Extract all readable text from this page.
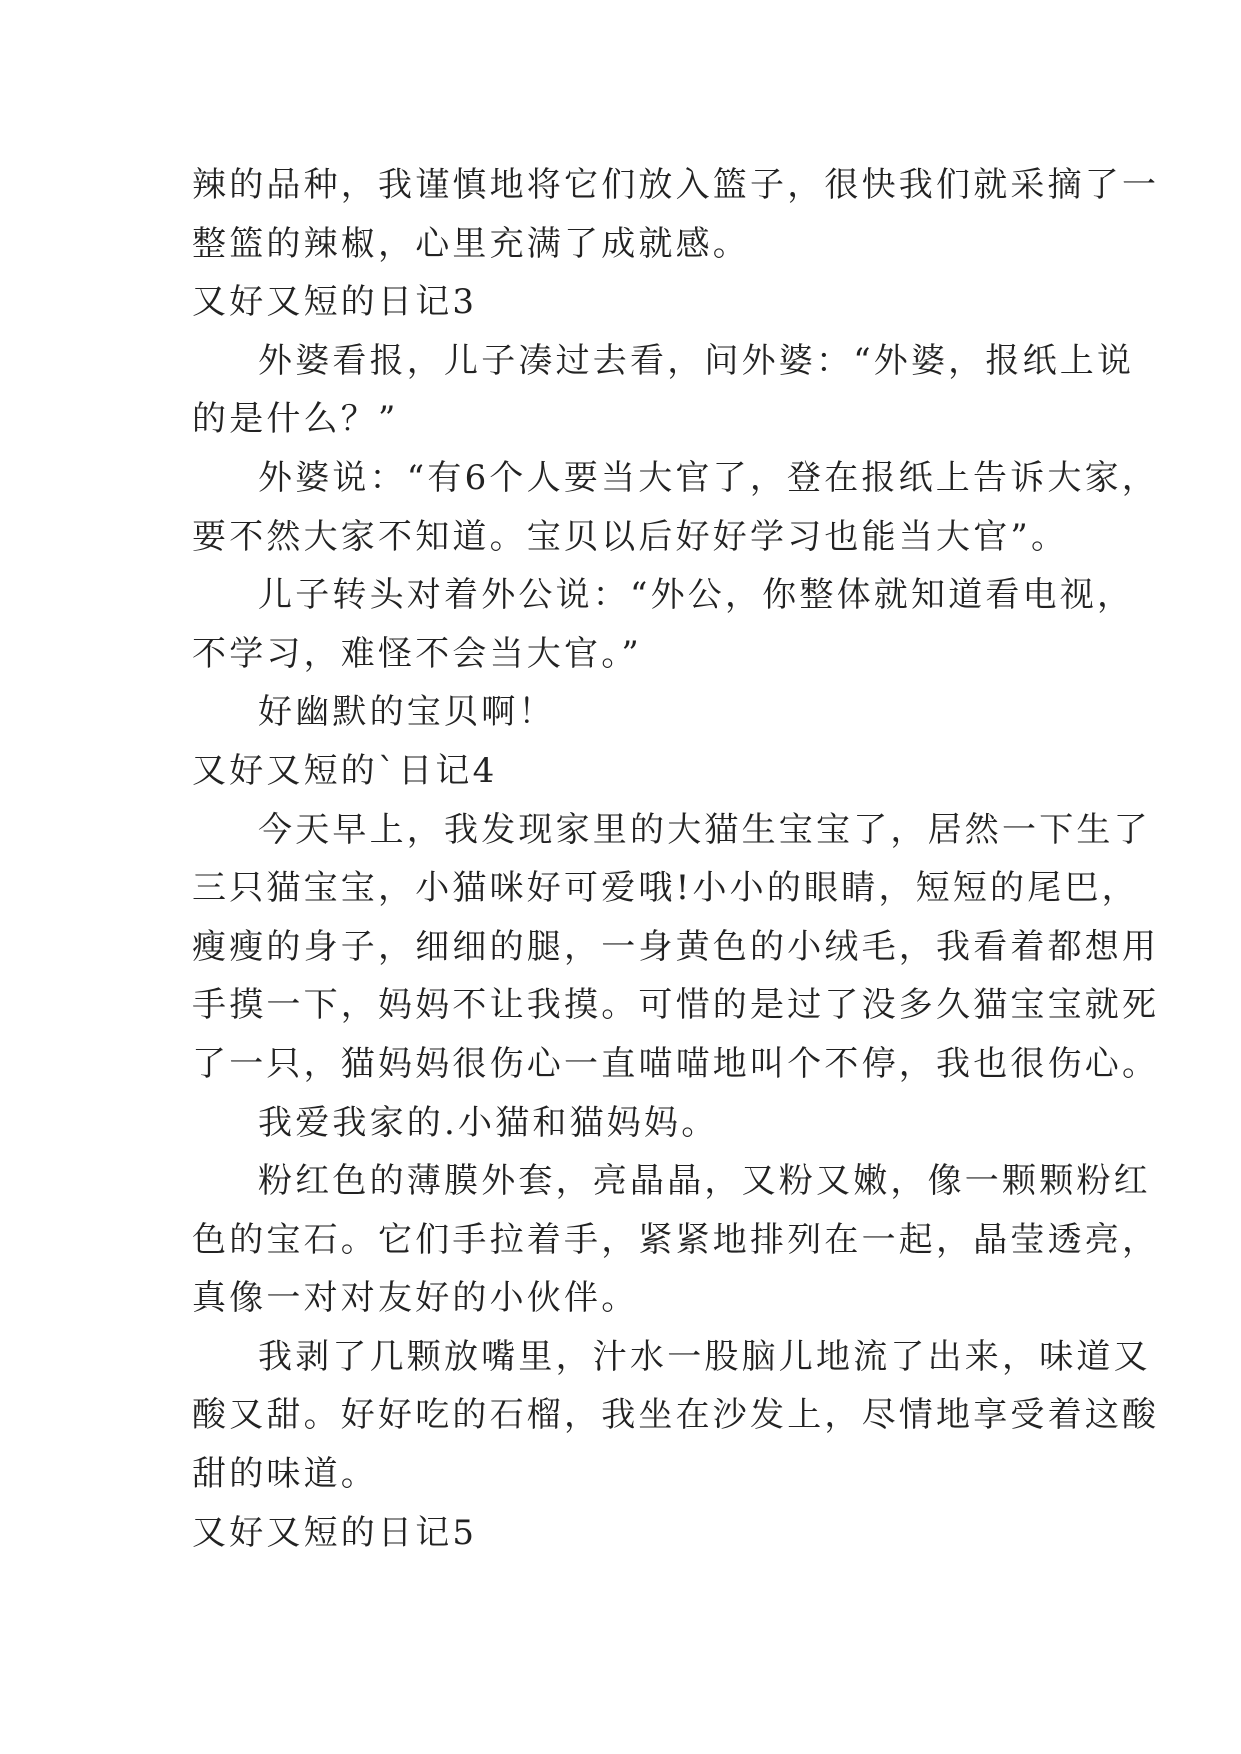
辣的品种，我谨慎地将它们放入篮子，很快我们就采摘了一
整篮的辣椒，心里充满了成就感。
又好又短的日记3
外婆看报，儿子凑过去看，问外婆：“外婆，报纸上说
的是什么？”
外婆说：“有6个人要当大官了，登在报纸上告诉大家，
要不然大家不知道。宝贝以后好好学习也能当大官”。
儿子转头对着外公说：“外公，你整体就知道看电视，
不学习，难怪不会当大官。”
好幽默的宝贝啊！
又好又短的`日记4
今天早上，我发现家里的大猫生宝宝了，居然一下生了
三只猫宝宝，小猫咪好可爱哦!小小的眼睛，短短的尾巴，
瘦瘦的身子，细细的腿，一身黄色的小绒毛，我看着都想用
手摸一下，妈妈不让我摸。可惜的是过了没多久猫宝宝就死
了一只，猫妈妈很伤心一直喵喵地叫个不停，我也很伤心。
我爱我家的.小猫和猫妈妈。
粉红色的薄膜外套，亮晶晶，又粉又嫩，像一颗颗粉红
色的宝石。它们手拉着手，紧紧地排列在一起，晶莹透亮，
真像一对对友好的小伙伴。
我剥了几颗放嘴里，汁水一股脑儿地流了出来，味道又
酸又甜。好好吃的石榴，我坐在沙发上，尽情地享受着这酸
甜的味道。
又好又短的日记5
